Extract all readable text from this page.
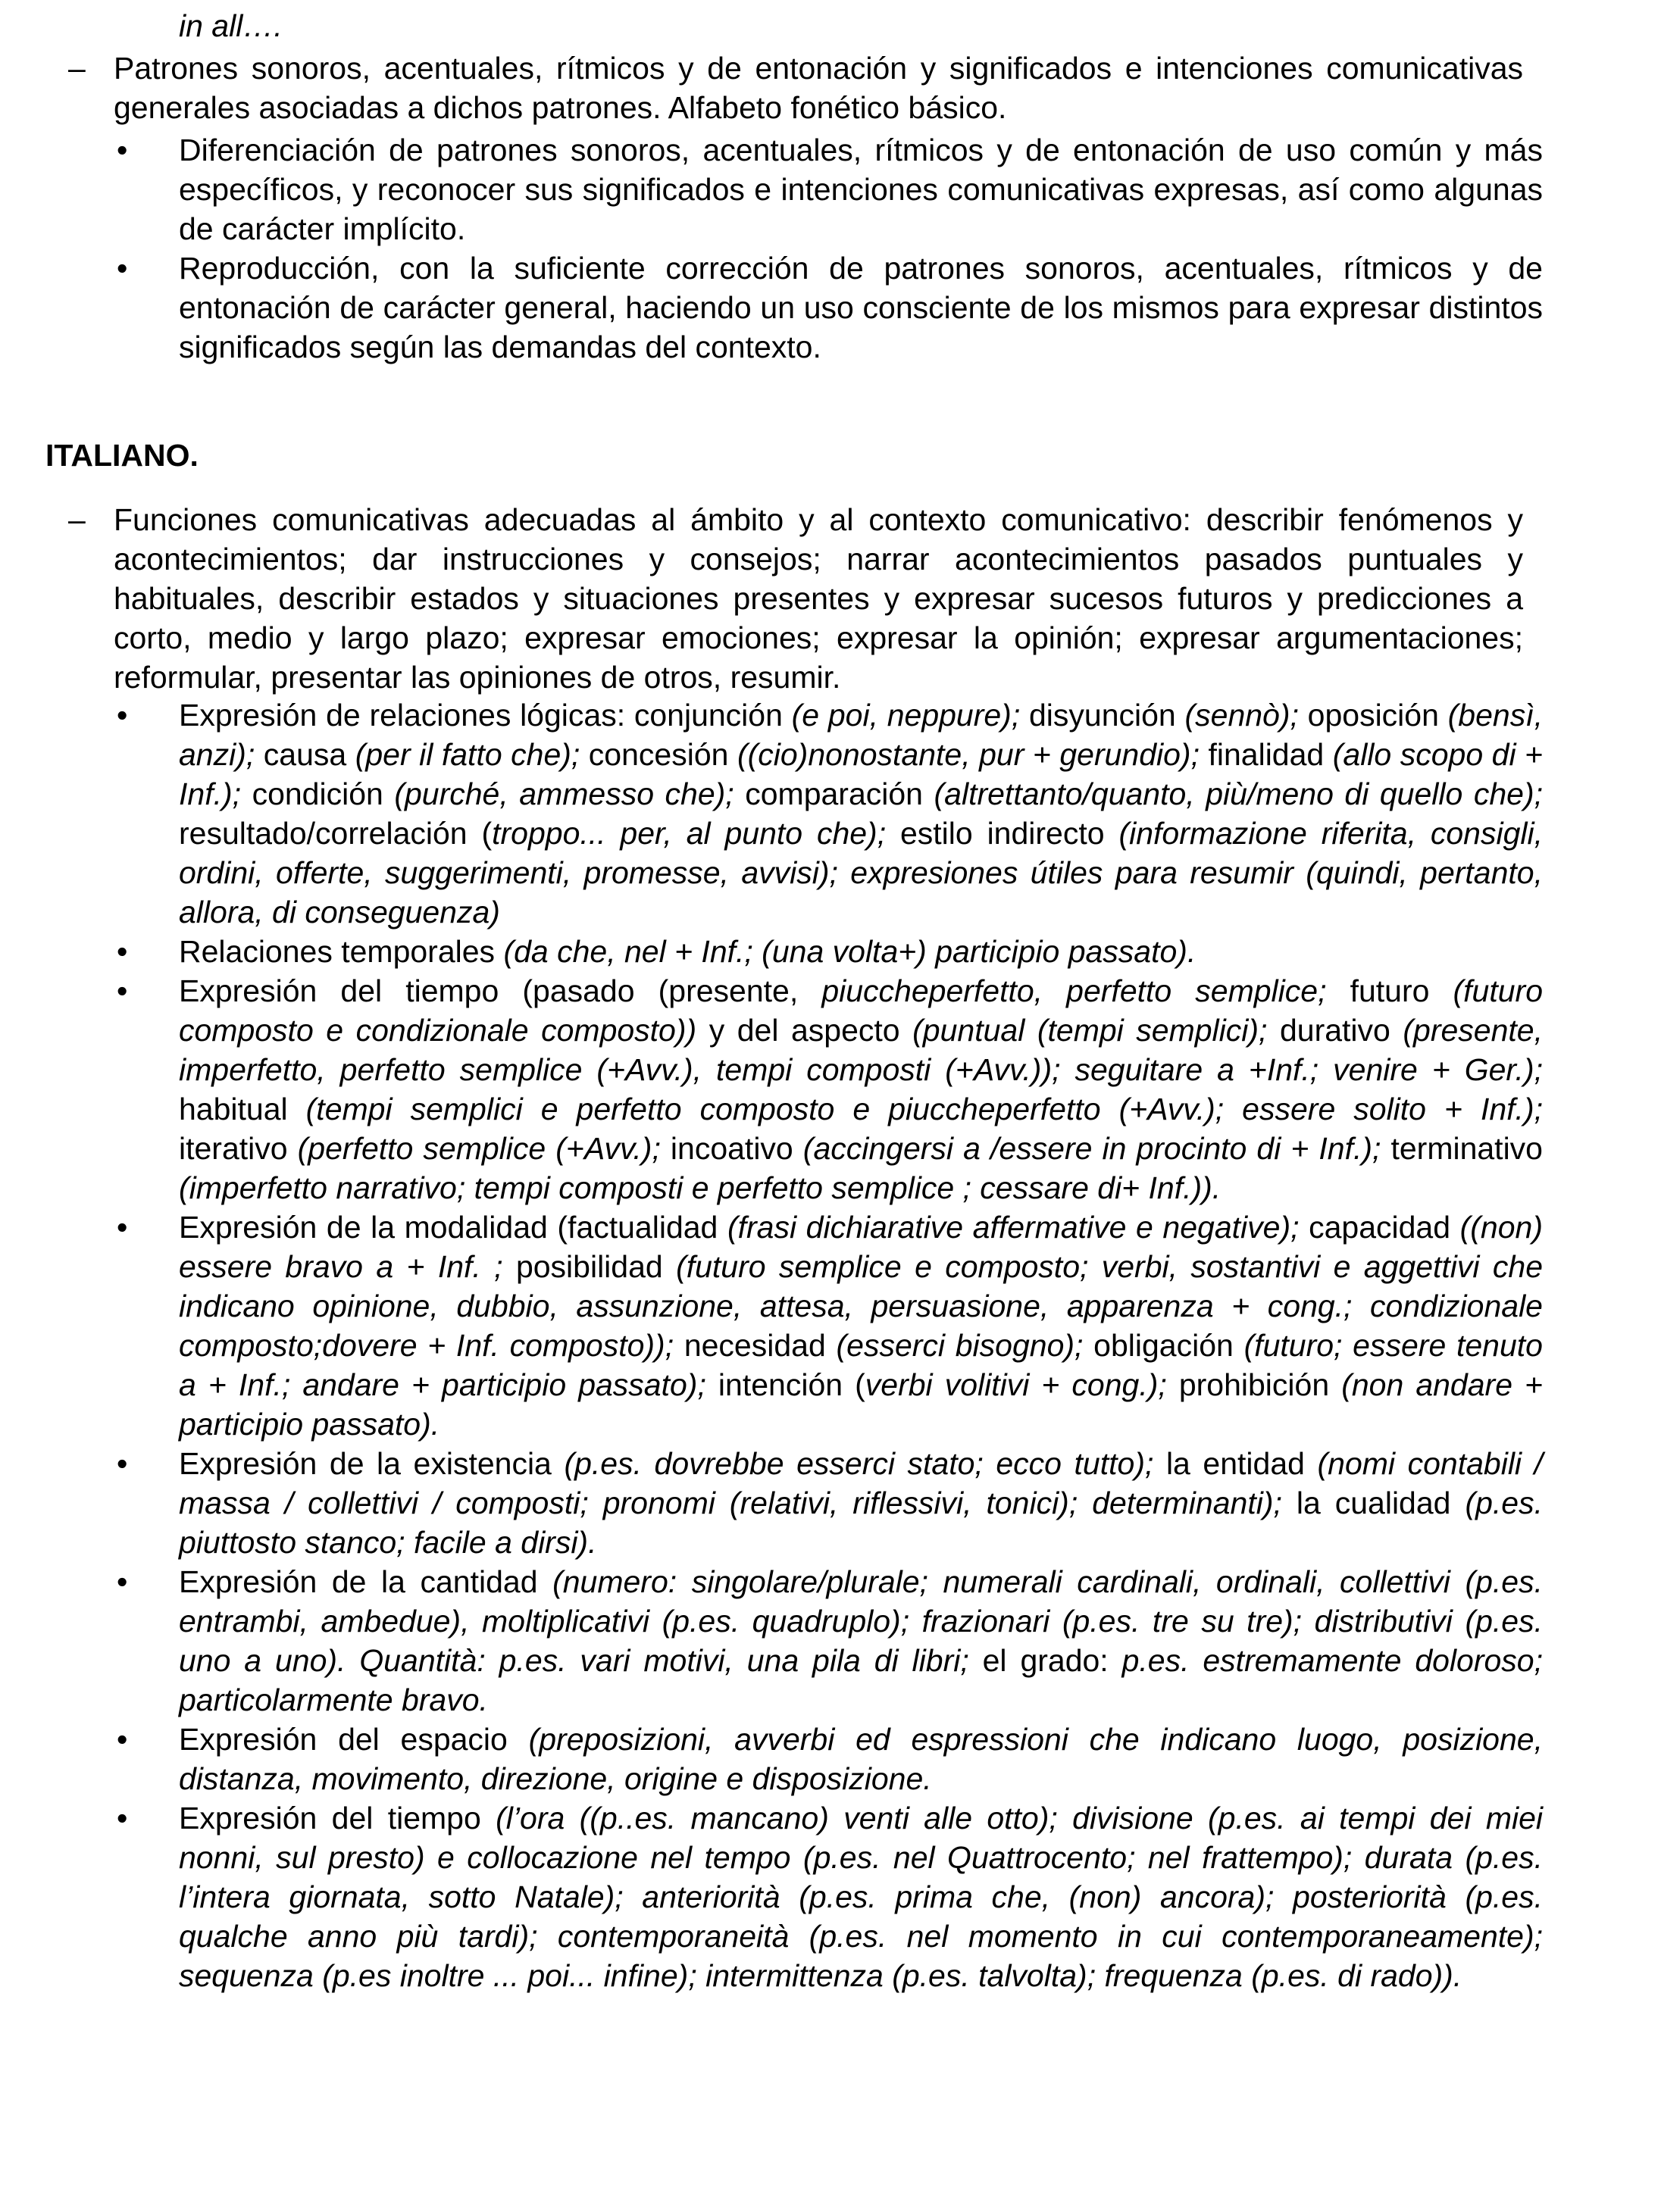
in all….
– Patrones sonoros, acentuales, rítmicos y de entonación y significados e intenciones comunicativas generales asociadas a dichos patrones. Alfabeto fonético básico.
• Diferenciación de patrones sonoros, acentuales, rítmicos y de entonación de uso común y más específicos, y reconocer sus significados e intenciones comunicativas expresas, así como algunas de carácter implícito.
• Reproducción, con la suficiente corrección de patrones sonoros, acentuales, rítmicos y de entonación de carácter general, haciendo un uso consciente de los mismos para expresar distintos significados según las demandas del contexto.
ITALIANO.
– Funciones comunicativas adecuadas al ámbito y al contexto comunicativo: describir fenómenos y acontecimientos; dar instrucciones y consejos; narrar acontecimientos pasados puntuales y habituales, describir estados y situaciones presentes y expresar sucesos futuros y predicciones a corto, medio y largo plazo; expresar emociones; expresar la opinión; expresar argumentaciones; reformular, presentar las opiniones de otros, resumir.
• Expresión de relaciones lógicas: conjunción (e poi, neppure); disyunción (sennò); oposición (bensì, anzi); causa (per il fatto che); concesión ((cio)nonostante, pur + gerundio); finalidad (allo scopo di + Inf.); condición (purché, ammesso che); comparación (altrettanto/quanto, più/meno di quello che); resultado/correlación (troppo... per, al punto che); estilo indirecto (informazione riferita, consigli, ordini, offerte, suggerimenti, promesse, avvisi); expresiones útiles para resumir (quindi, pertanto, allora, di conseguenza)
• Relaciones temporales (da che, nel + Inf.; (una volta+) participio passato).
• Expresión del tiempo (pasado (presente, piuccheperfetto, perfetto semplice; futuro (futuro composto e condizionale composto)) y del aspecto (puntual (tempi semplici); durativo (presente, imperfetto, perfetto semplice (+Avv.), tempi composti (+Avv.)); seguitare a +Inf.; venire + Ger.); habitual (tempi semplici e perfetto composto e piuccheperfetto (+Avv.); essere solito + Inf.); iterativo (perfetto semplice (+Avv.); incoativo (accingersi a /essere in procinto di + Inf.); terminativo (imperfetto narrativo; tempi composti e perfetto semplice ; cessare di+ Inf.)).
• Expresión de la modalidad (factualidad (frasi dichiarative affermative e negative); capacidad ((non) essere bravo a + Inf. ; posibilidad (futuro semplice e composto; verbi, sostantivi e aggettivi che indicano opinione, dubbio, assunzione, attesa, persuasione, apparenza + cong.; condizionale composto;dovere + Inf. composto)); necesidad (esserci bisogno); obligación (futuro; essere tenuto a + Inf.; andare + participio passato); intención (verbi volitivi + cong.); prohibición (non andare + participio passato).
• Expresión de la existencia (p.es. dovrebbe esserci stato; ecco tutto); la entidad (nomi contabili / massa / collettivi / composti; pronomi (relativi, riflessivi, tonici); determinanti); la cualidad (p.es. piuttosto stanco; facile a dirsi).
• Expresión de la cantidad (numero: singolare/plurale; numerali cardinali, ordinali, collettivi (p.es. entrambi, ambedue), moltiplicativi (p.es. quadruplo); frazionari (p.es. tre su tre); distributivi (p.es. uno a uno). Quantità: p.es. vari motivi, una pila di libri; el grado: p.es. estremamente doloroso; particolarmente bravo.
• Expresión del espacio (preposizioni, avverbi ed espressioni che indicano luogo, posizione, distanza, movimento, direzione, origine e disposizione.
• Expresión del tiempo (l’ora ((p..es. mancano) venti alle otto); divisione (p.es. ai tempi dei miei nonni, sul presto) e collocazione nel tempo (p.es. nel Quattrocento; nel frattempo); durata (p.es. l’intera giornata, sotto Natale); anteriorità (p.es. prima che, (non) ancora); posteriorità (p.es. qualche anno più tardi); contemporaneità (p.es. nel momento in cui contemporaneamente); sequenza (p.es inoltre ... poi... infine); intermittenza (p.es. talvolta); frequenza (p.es. di rado)).
